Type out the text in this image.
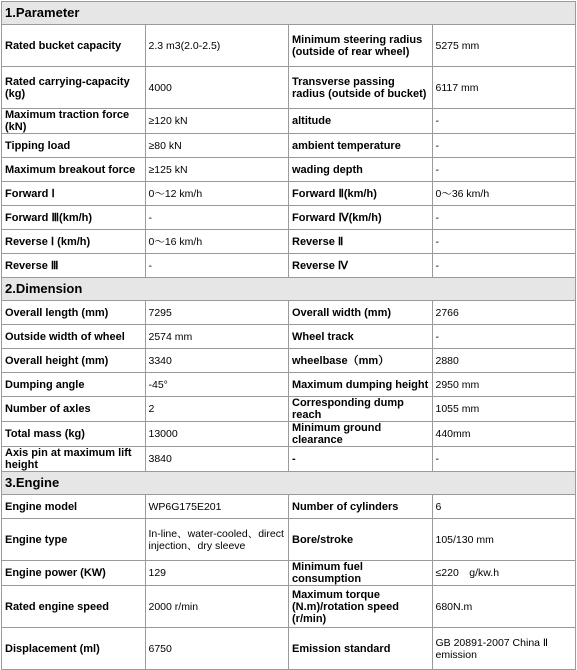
1.Parameter			
Rated bucket capacity	2.3 m3(2.0-2.5)	Minimum steering radius (outside of rear wheel)	5275 mm
Rated carrying-capacity (kg)	4000	Transverse passing radius (outside of bucket)	6117 mm
Maximum traction force (kN)	≥120 kN	altitude	-
Tipping load	≥80 kN	ambient temperature	-
Maximum breakout force	≥125 kN	wading depth	-
Forward Ⅰ	0～12 km/h	Forward Ⅱ(km/h)	0～36 km/h
Forward Ⅲ(km/h)	-	Forward Ⅳ(km/h)	-
Reverse Ⅰ (km/h)	0～16 km/h	Reverse Ⅱ	-
Reverse Ⅲ	-	Reverse Ⅳ	-
2.Dimension			
Overall length (mm)	7295	Overall width (mm)	2766
Outside width of wheel	2574 mm	Wheel track	-
Overall height (mm)	3340	wheelbase（mm）	2880
Dumping angle	-45°	Maximum dumping height	2950 mm
Number of axles	2	Corresponding dump reach	1055 mm
Total mass (kg)	13000	Minimum ground clearance	440mm
Axis pin at maximum lift height	3840	-	-
3.Engine			
Engine model	WP6G175E201	Number of cylinders	6
Engine type	In-line、water-cooled、direct injection、dry sleeve	Bore/stroke	105/130 mm
Engine power (KW)	129	Minimum fuel consumption	≤220　g/kw.h
Rated engine speed	2000 r/min	Maximum torque (N.m)/rotation speed (r/min)	680N.m
Displacement (ml)	6750	Emission standard	GB 20891-2007 China Ⅱ emission
